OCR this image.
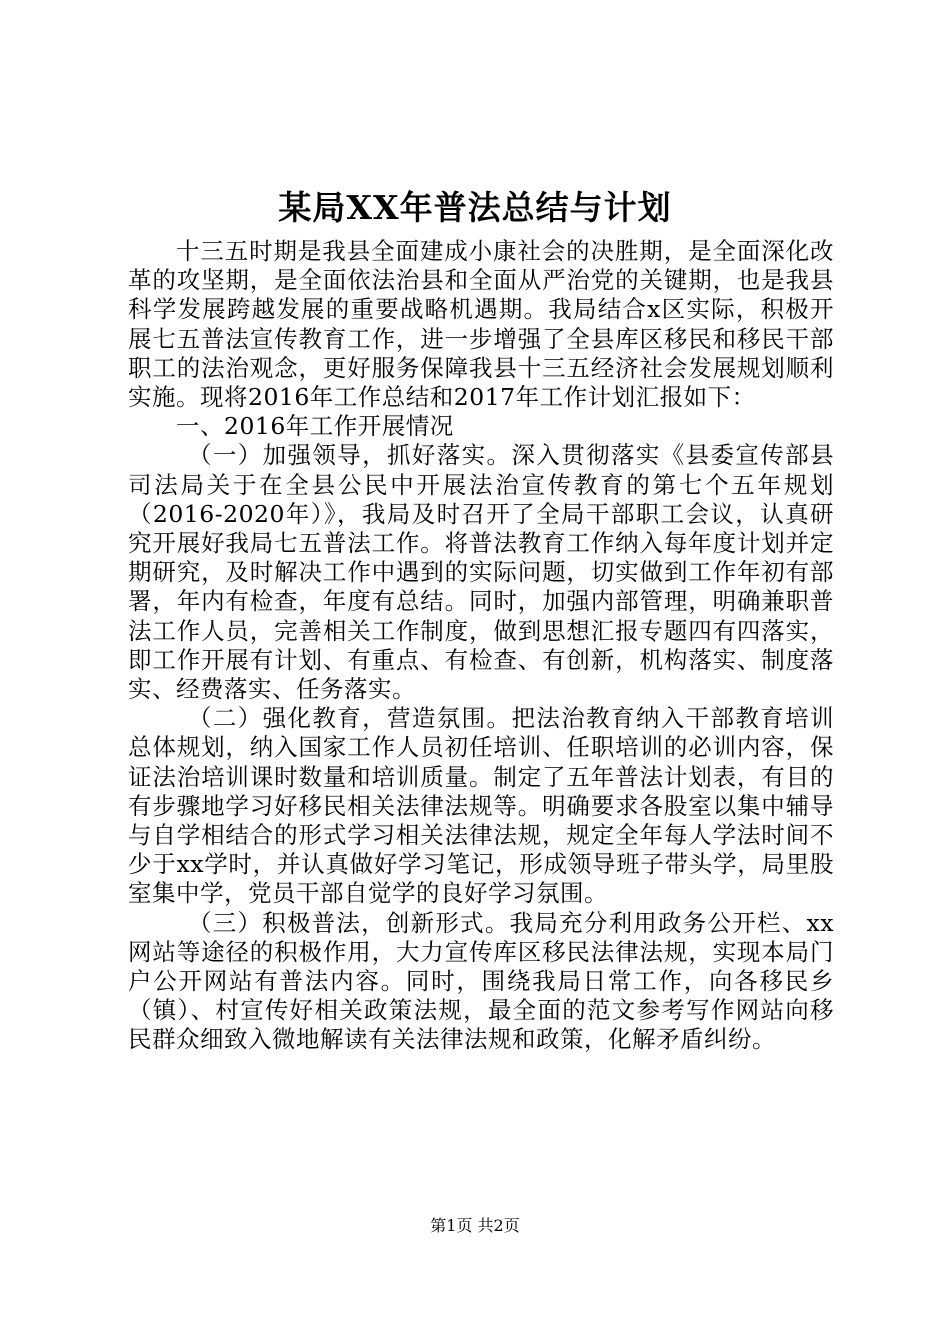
某局XX年普法总结与计划

十三五时期是我县全面建成小康社会的决胜期，是全面深化改革的攻坚期，是全面依法治县和全面从严治党的关键期，也是我县科学发展跨越发展的重要战略机遇期。我局结合x区实际，积极开展七五普法宣传教育工作，进一步增强了全县库区移民和移民干部职工的法治观念，更好服务保障我县十三五经济社会发展规划顺利实施。现将2016年工作总结和2017年工作计划汇报如下：

一、2016年工作开展情况

（一）加强领导，抓好落实。深入贯彻落实《县委宣传部县司法局关于在全县公民中开展法治宣传教育的第七个五年规划（2016-2020年）》，我局及时召开了全局干部职工会议，认真研究开展好我局七五普法工作。将普法教育工作纳入每年度计划并定期研究，及时解决工作中遇到的实际问题，切实做到工作年初有部署，年内有检查，年度有总结。同时，加强内部管理，明确兼职普法工作人员，完善相关工作制度，做到思想汇报专题四有四落实，即工作开展有计划、有重点、有检查、有创新，机构落实、制度落实、经费落实、任务落实。

（二）强化教育，营造氛围。把法治教育纳入干部教育培训总体规划，纳入国家工作人员初任培训、任职培训的必训内容，保证法治培训课时数量和培训质量。制定了五年普法计划表，有目的有步骤地学习好移民相关法律法规等。明确要求各股室以集中辅导与自学相结合的形式学习相关法律法规，规定全年每人学法时间不少于xx学时，并认真做好学习笔记，形成领导班子带头学，局里股室集中学，党员干部自觉学的良好学习氛围。

（三）积极普法，创新形式。我局充分利用政务公开栏、xx网站等途径的积极作用，大力宣传库区移民法律法规，实现本局门户公开网站有普法内容。同时，围绕我局日常工作，向各移民乡（镇）、村宣传好相关政策法规，最全面的范文参考写作网站向移民群众细致入微地解读有关法律法规和政策，化解矛盾纠纷。

第1页 共2页
